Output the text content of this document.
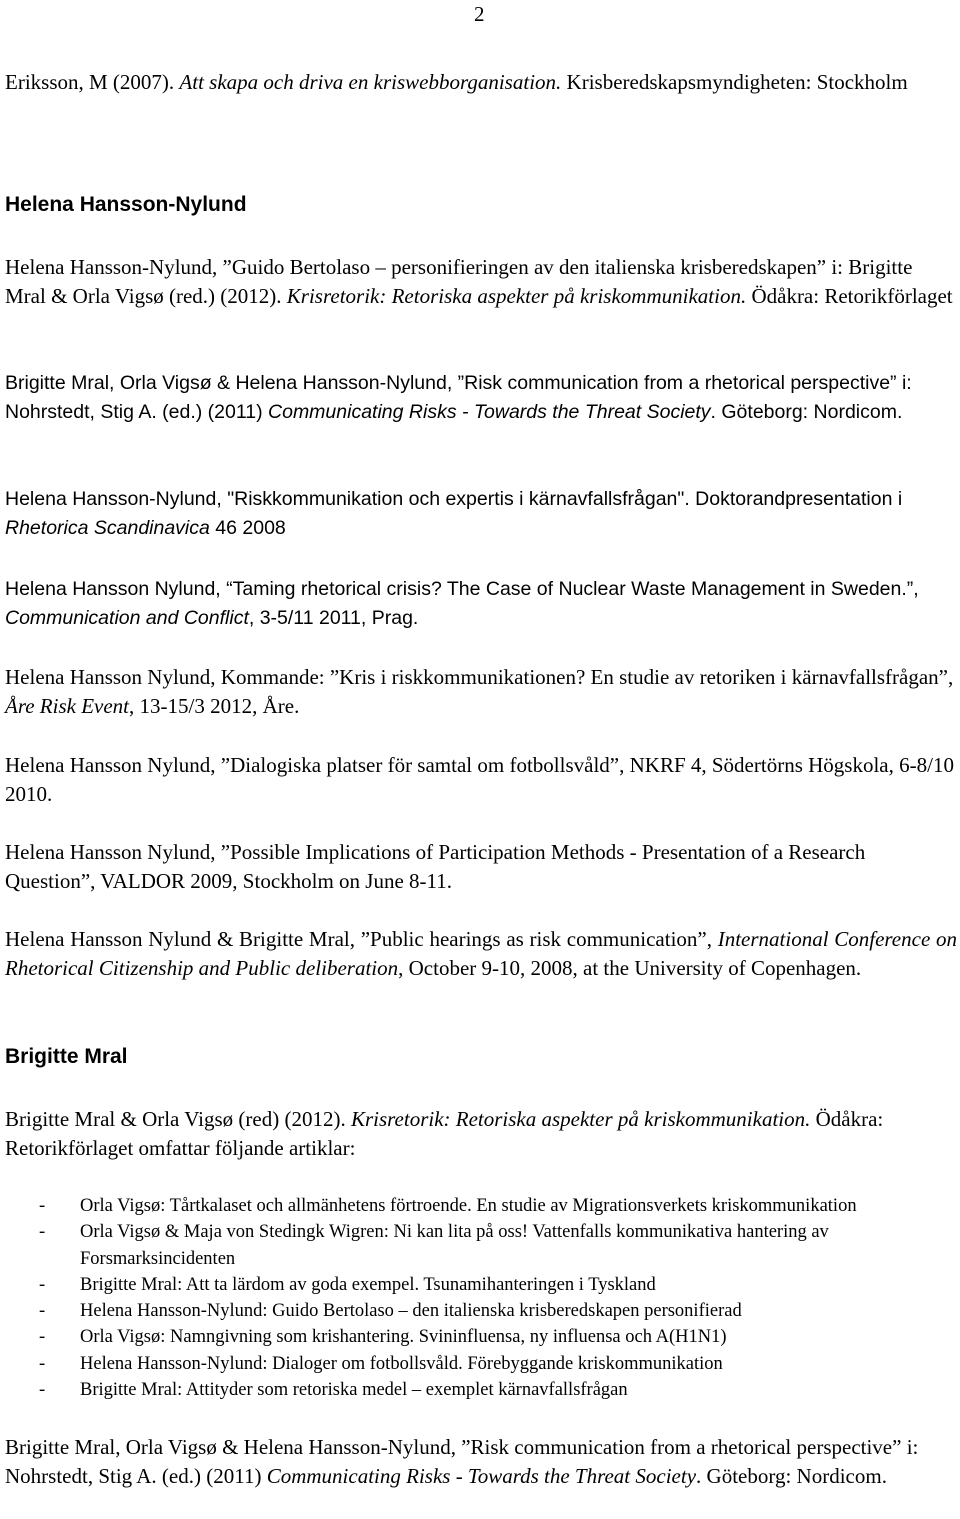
2

Eriksson, M (2007). Att skapa och driva en kriswebborganisation. Krisberedskapsmyndigheten: Stockholm

Helena Hansson-Nylund

Helena Hansson-Nylund, ”Guido Bertolaso – personifieringen av den italienska krisberedskapen” i: Brigitte Mral & Orla Vigsø (red.) (2012). Krisretorik: Retoriska aspekter på kriskommunikation. Ödåkra: Retorikförlaget

Brigitte Mral, Orla Vigsø & Helena Hansson-Nylund, ”Risk communication from a rhetorical perspective” i: Nohrstedt, Stig A. (ed.) (2011) Communicating Risks - Towards the Threat Society. Göteborg: Nordicom.

Helena Hansson-Nylund, "Riskkommunikation och expertis i kärnavfallsfrågan". Doktorandpresentation i Rhetorica Scandinavica 46 2008

Helena Hansson Nylund, “Taming rhetorical crisis? The Case of Nuclear Waste Management in Sweden.”, Communication and Conflict, 3-5/11 2011, Prag.

Helena Hansson Nylund, Kommande: ”Kris i riskkommunikationen? En studie av retoriken i kärnavfallsfrågan”, Åre Risk Event, 13-15/3 2012, Åre.

Helena Hansson Nylund, ”Dialogiska platser för samtal om fotbollsvåld”, NKRF 4, Södertörns Högskola, 6-8/10 2010.

Helena Hansson Nylund, ”Possible Implications of Participation Methods - Presentation of a Research Question”, VALDOR 2009, Stockholm on June 8-11.

Helena Hansson Nylund & Brigitte Mral, ”Public hearings as risk communication”, International Conference on Rhetorical Citizenship and Public deliberation, October 9-10, 2008, at the University of Copenhagen.

Brigitte Mral

Brigitte Mral & Orla Vigsø (red) (2012). Krisretorik: Retoriska aspekter på kriskommunikation. Ödåkra: Retorikförlaget omfattar följande artiklar:

- Orla Vigsø: Tårtkalaset och allmänhetens förtroende. En studie av Migrationsverkets kriskommunikation
- Orla Vigsø & Maja von Stedingk Wigren: Ni kan lita på oss! Vattenfalls kommunikativa hantering av Forsmarksincidenten
- Brigitte Mral: Att ta lärdom av goda exempel. Tsunamihanteringen i Tyskland
- Helena Hansson-Nylund: Guido Bertolaso – den italienska krisberedskapen personifierad
- Orla Vigsø: Namngivning som krishantering. Svininfluensa, ny influensa och A(H1N1)
- Helena Hansson-Nylund: Dialoger om fotbollsvåld. Förebyggande kriskommunikation
- Brigitte Mral: Attityder som retoriska medel – exemplet kärnavfallsfrågan

Brigitte Mral, Orla Vigsø & Helena Hansson-Nylund, ”Risk communication from a rhetorical perspective” i: Nohrstedt, Stig A. (ed.) (2011) Communicating Risks - Towards the Threat Society. Göteborg: Nordicom.
